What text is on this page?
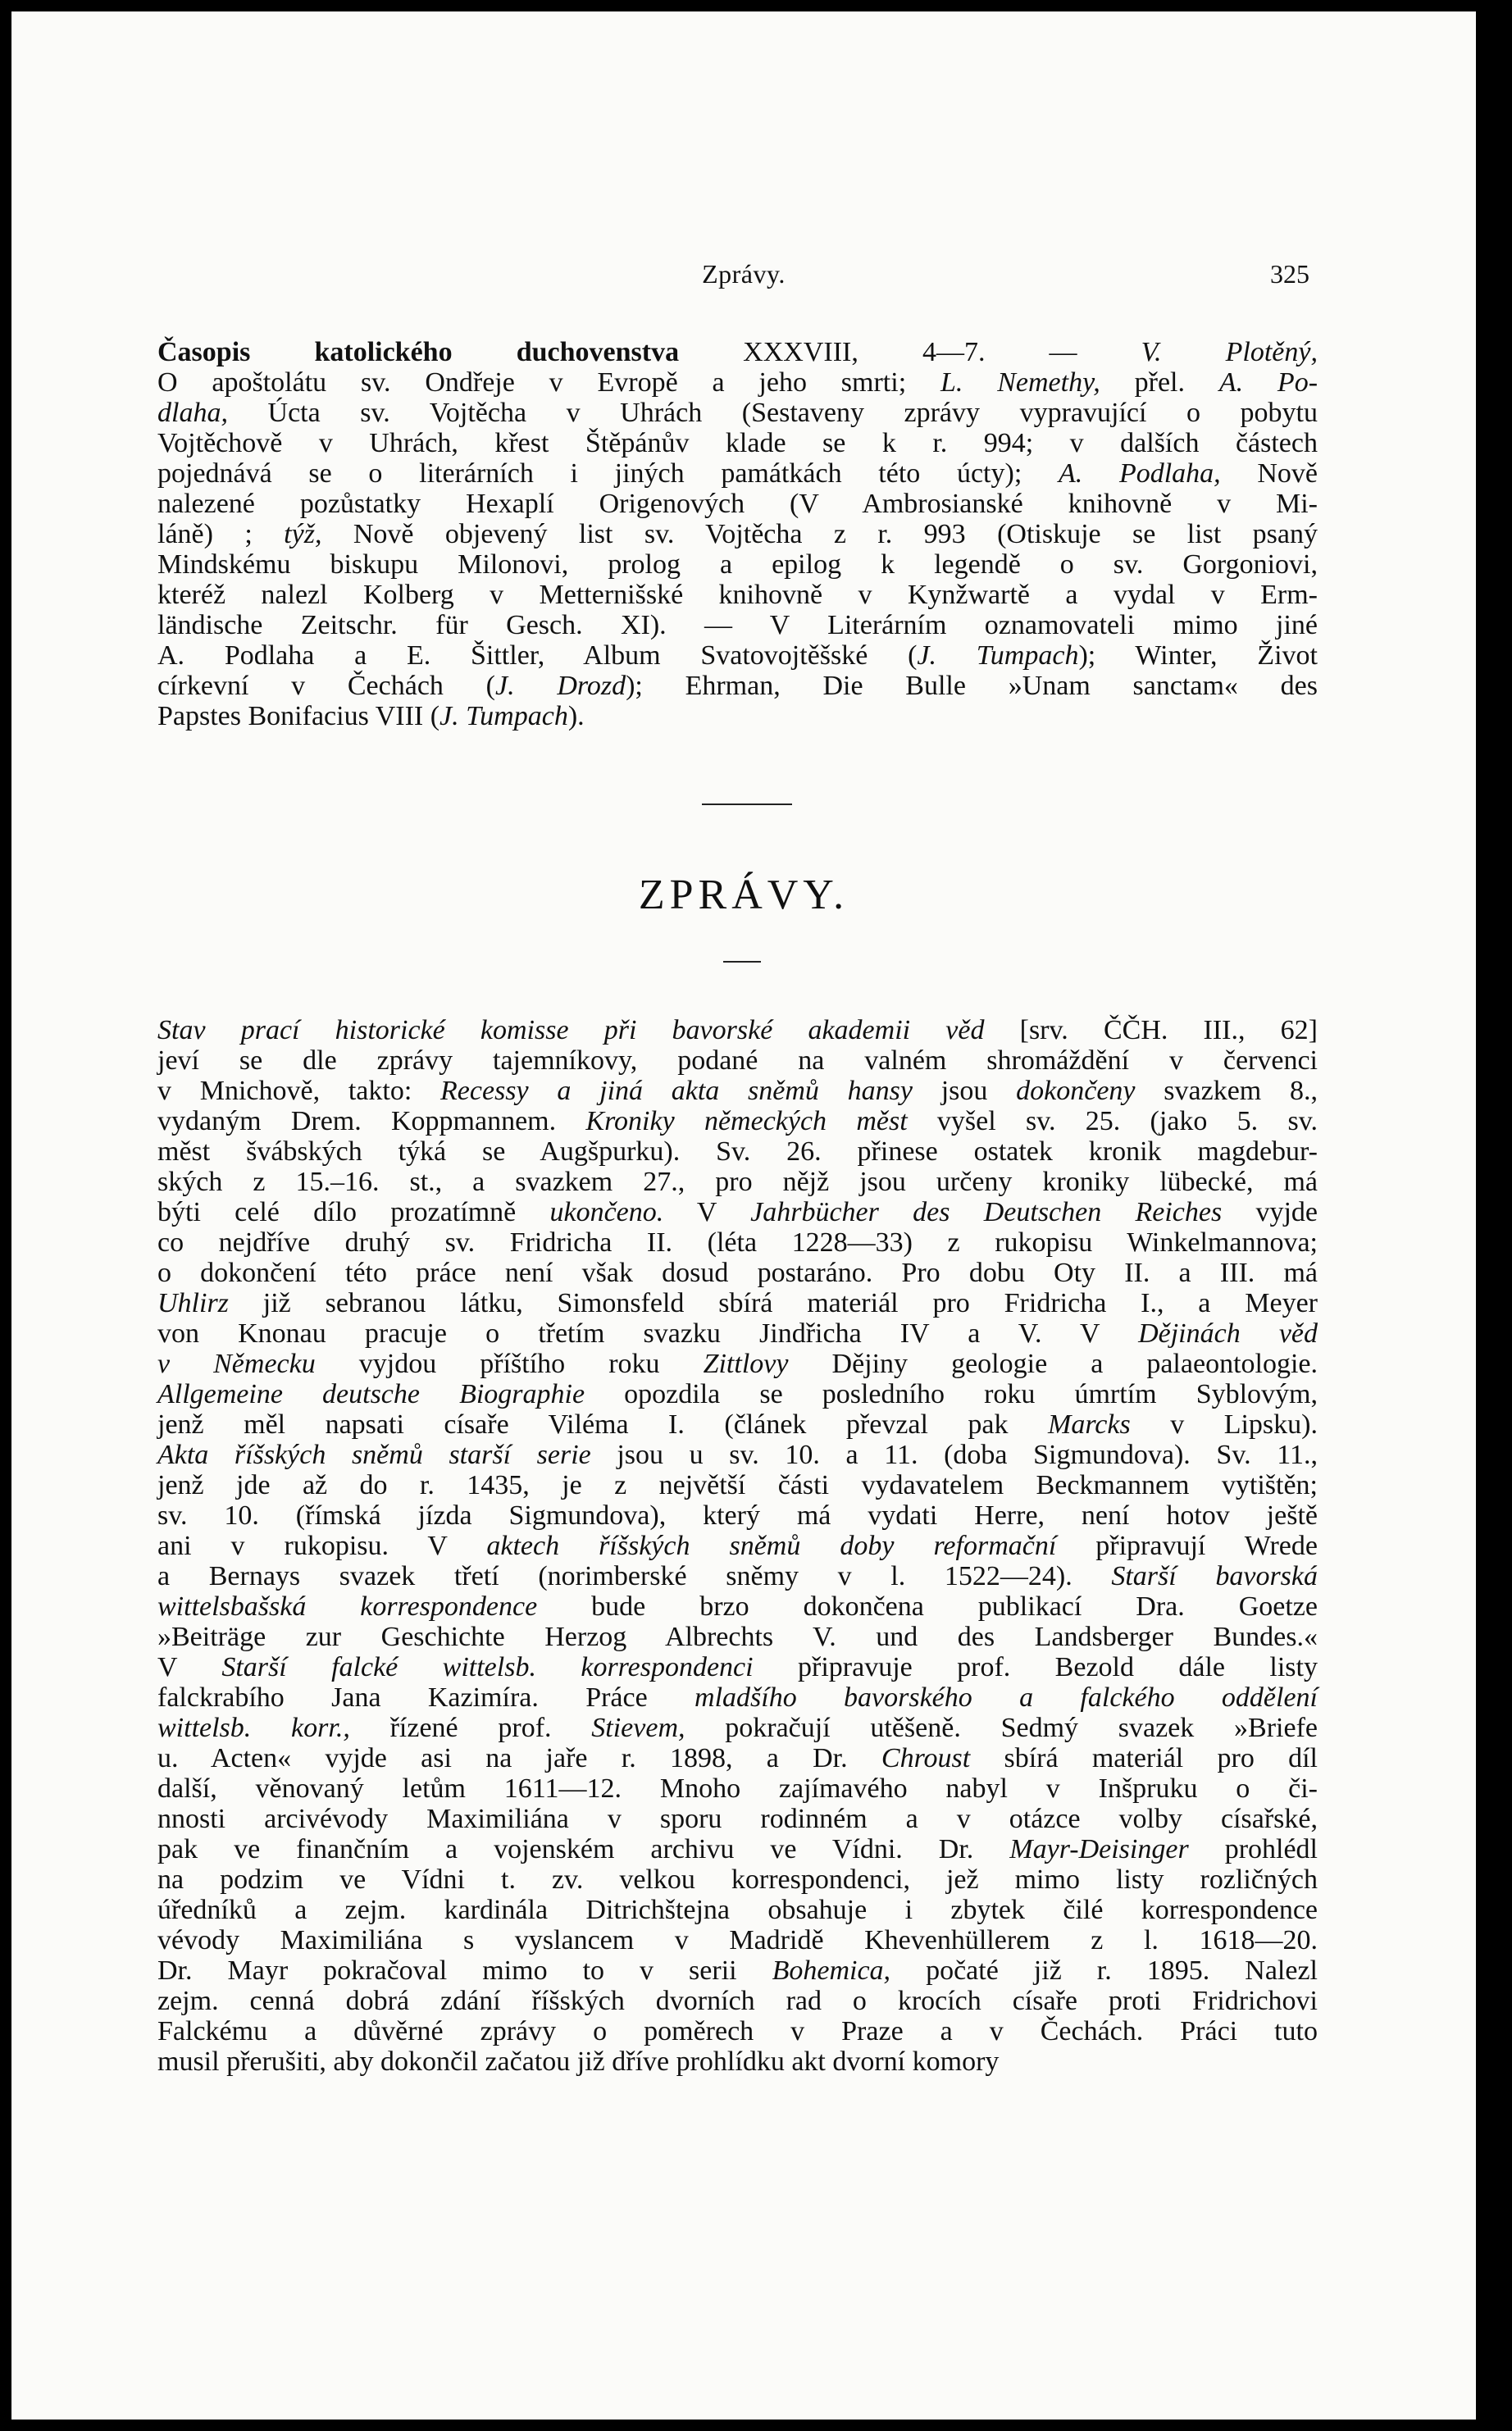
Zprávy.	325
Časopis katolického duchovenstva XXXVIII, 4—7. — V. Plotěný,
O apoštolátu sv. Ondřeje v Evropě a jeho smrti; L. Nemethy, přel. A. Po-
dlaha, Úcta sv. Vojtěcha v Uhrách (Sestaveny zprávy vypravující o pobytu
Vojtěchově v Uhrách, křest Štěpánův klade se k r. 994; v dalších částech
pojednává se o literárních i jiných památkách této úcty); A. Podlaha, Nově
nalezené pozůstatky Hexaplí Origenových (V Ambrosianské knihovně v Mi-
láně) ; týž, Nově objevený list sv. Vojtěcha z r. 993 (Otiskuje se list psaný
Mindskému biskupu Milonovi, prolog a epilog k legendě o sv. Gorgoniovi,
kteréž nalezl Kolberg v Metternišské knihovně v Kynžwartě a vydal v Erm-
ländische Zeitschr. für Gesch. XI). — V Literárním oznamovateli mimo jiné
A. Podlaha a E. Šittler, Album Svatovojtěšské (J. Tumpach); Winter, Život
církevní v Čechách (J. Drozd); Ehrman, Die Bulle »Unam sanctam« des
Papstes Bonifacius VIII (J. Tumpach).
ZPRÁVY.
Stav prací historické komisse při bavorské akademii věd [srv. ČČH. III., 62]
jeví se dle zprávy tajemníkovy, podané na valném shromáždění v červenci
v Mnichově, takto: Recessy a jiná akta sněmů hansy jsou dokončeny svazkem 8.,
vydaným Drem. Koppmannem. Kroniky německých měst vyšel sv. 25. (jako 5. sv.
měst švábských týká se Augšpurku). Sv. 26. přinese ostatek kronik magdebur-
ských z 15.–16. st., a svazkem 27., pro nějž jsou určeny kroniky lübecké, má
býti celé dílo prozatímně ukončeno. V Jahrbücher des Deutschen Reiches vyjde
co nejdříve druhý sv. Fridricha II. (léta 1228—33) z rukopisu Winkelmannova;
o dokončení této práce není však dosud postaráno. Pro dobu Oty II. a III. má
Uhlirz již sebranou látku, Simonsfeld sbírá materiál pro Fridricha I., a Meyer
von Knonau pracuje o třetím svazku Jindřicha IV a V. V Dějinách věd
v Německu vyjdou příštího roku Zittlovy Dějiny geologie a palaeontologie.
Allgemeine deutsche Biographie opozdila se posledního roku úmrtím Syblovým,
jenž měl napsati císaře Viléma I. (článek převzal pak Marcks v Lipsku).
Akta říšských sněmů starší serie jsou u sv. 10. a 11. (doba Sigmundova). Sv. 11.,
jenž jde až do r. 1435, je z největší části vydavatelem Beckmannem vytištěn;
sv. 10. (římská jízda Sigmundova), který má vydati Herre, není hotov ještě
ani v rukopisu. V aktech říšských sněmů doby reformační připravují Wrede
a Bernays svazek třetí (norimberské sněmy v l. 1522—24). Starší bavorská
wittelsbašská korrespondence bude brzo dokončena publikací Dra. Goetze
»Beiträge zur Geschichte Herzog Albrechts V. und des Landsberger Bundes.«
V Starší falcké wittelsb. korrespondenci připravuje prof. Bezold dále listy
falckrabího Jana Kazimíra. Práce mladšího bavorského a falckého oddělení
wittelsb. korr., řízené prof. Stievem, pokračují utěšeně. Sedmý svazek »Briefe
u. Acten« vyjde asi na jaře r. 1898, a Dr. Chroust sbírá materiál pro díl
další, věnovaný letům 1611—12. Mnoho zajímavého nabyl v Inšpruku o či-
nnosti arcivévody Maximiliána v sporu rodinném a v otázce volby císařské,
pak ve finančním a vojenském archivu ve Vídni. Dr. Mayr-Deisinger prohlédl
na podzim ve Vídni t. zv. velkou korrespondenci, jež mimo listy rozličných
úředníků a zejm. kardinála Ditrichštejna obsahuje i zbytek čilé korrespondence
vévody Maximiliána s vyslancem v Madridě Khevenhüllerem z l. 1618—20.
Dr. Mayr pokračoval mimo to v serii Bohemica, počaté již r. 1895. Nalezl
zejm. cenná dobrá zdání říšských dvorních rad o krocích císaře proti Fridrichovi
Falckému a důvěrné zprávy o poměrech v Praze a v Čechách. Práci tuto
musil přerušiti, aby dokončil začatou již dříve prohlídku akt dvorní komory
